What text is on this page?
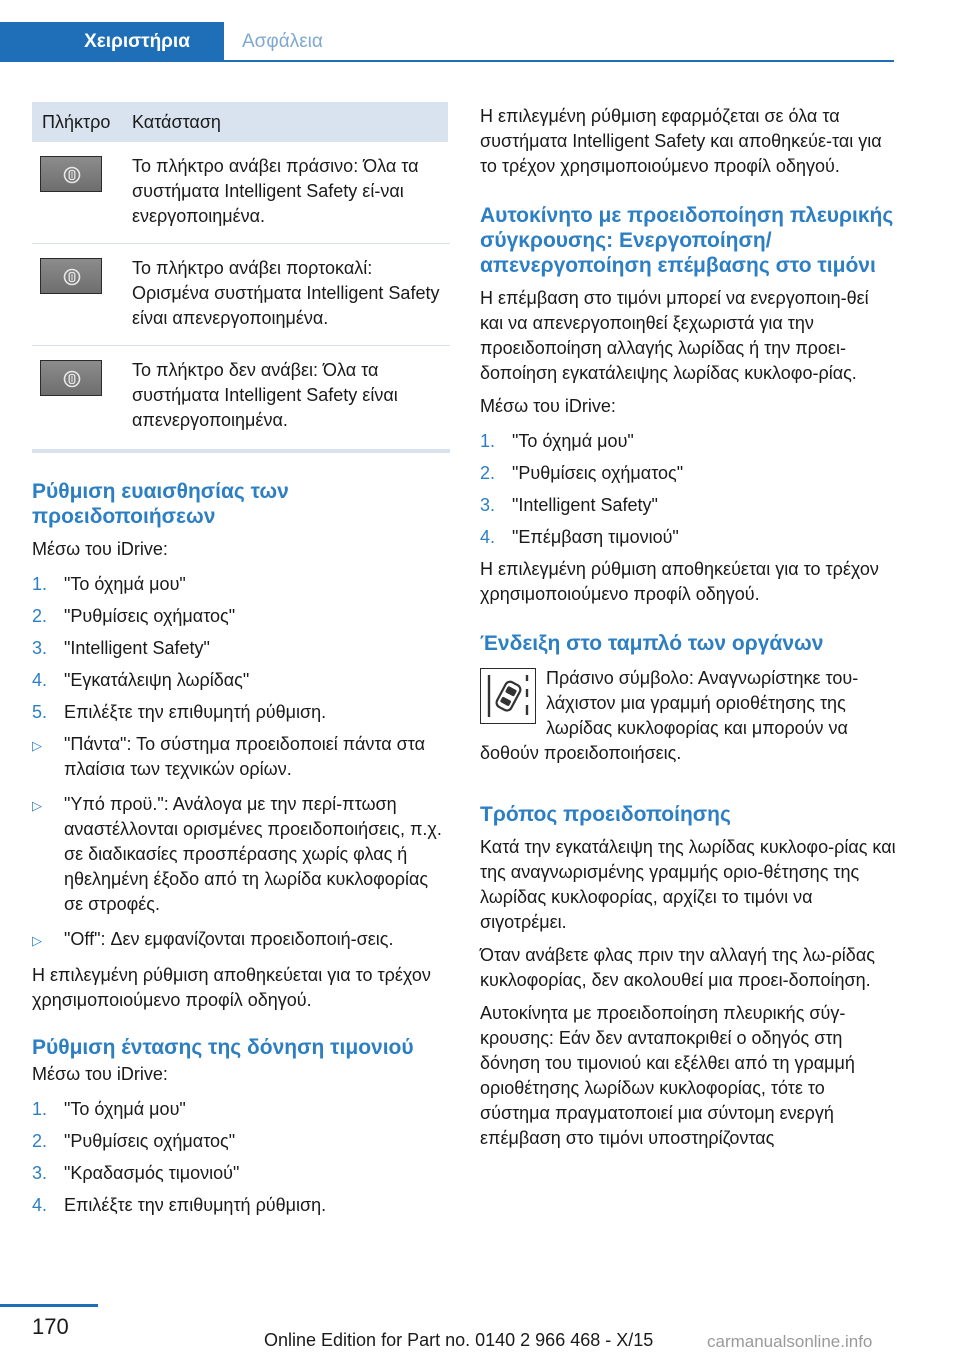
Χειριστήρια	Ασφάλεια
Πλήκτρο	Κατάσταση
Το πλήκτρο ανάβει πράσινο: Όλα τα συστήματα Intelligent Safety εί-ναι ενεργοποιημένα.
Το πλήκτρο ανάβει πορτοκαλί: Ορισμένα συστήματα Intelligent Safety είναι απενεργοποιημένα.
Το πλήκτρο δεν ανάβει: Όλα τα συστήματα Intelligent Safety είναι απενεργοποιημένα.
Ρύθμιση ευαισθησίας των προειδοποιήσεων

Μέσω του iDrive:

1. "Το όχημά μου"
2. "Ρυθμίσεις οχήματος"
3. "Intelligent Safety"
4. "Εγκατάλειψη λωρίδας"
5. Επιλέξτε την επιθυμητή ρύθμιση.
▷	"Πάντα": Το σύστημα προειδοποιεί πάντα στα πλαίσια των τεχνικών ορίων.
▷	"Υπό προϋ.": Ανάλογα με την περί-πτωση αναστέλλονται ορισμένες προειδοποιήσεις, π.χ. σε διαδικασίες προσπέρασης χωρίς φλας ή ηθελημένη έξοδο από τη λωρίδα κυκλοφορίας σε στροφές.
▷	"Off": Δεν εμφανίζονται προειδοποιή-σεις.

Η επιλεγμένη ρύθμιση αποθηκεύεται για το τρέχον χρησιμοποιούμενο προφίλ οδηγού.

Ρύθμιση έντασης της δόνηση τιμονιού

Μέσω του iDrive:

1. "Το όχημά μου"
2. "Ρυθμίσεις οχήματος"
3. "Κραδασμός τιμονιού"
4. Επιλέξτε την επιθυμητή ρύθμιση.

Η επιλεγμένη ρύθμιση εφαρμόζεται σε όλα τα συστήματα Intelligent Safety και αποθηκεύε-ται για το τρέχον χρησιμοποιούμενο προφίλ οδηγού.

Αυτοκίνητο με προειδοποίηση πλευρικής σύγκρουσης: Ενεργοποίηση/απενεργοποίηση επέμβασης στο τιμόνι

Η επέμβαση στο τιμόνι μπορεί να ενεργοποιη-θεί και να απενεργοποιηθεί ξεχωριστά για την προειδοποίηση αλλαγής λωρίδας ή την προει-δοποίηση εγκατάλειψης λωρίδας κυκλοφο-ρίας.

Μέσω του iDrive:

1. "Το όχημά μου"
2. "Ρυθμίσεις οχήματος"
3. "Intelligent Safety"
4. "Επέμβαση τιμονιού"

Η επιλεγμένη ρύθμιση αποθηκεύεται για το τρέχον χρησιμοποιούμενο προφίλ οδηγού.

Ένδειξη στο ταμπλό των οργάνων

Πράσινο σύμβολο: Αναγνωρίστηκε του-λάχιστον μια γραμμή οριοθέτησης της λωρίδας κυκλοφορίας και μπορούν να δοθούν προειδοποιήσεις.

Τρόπος προειδοποίησης

Κατά την εγκατάλειψη της λωρίδας κυκλοφο-ρίας και της αναγνωρισμένης γραμμής οριο-θέτησης της λωρίδας κυκλοφορίας, αρχίζει το τιμόνι να σιγοτρέμει.

Όταν ανάβετε φλας πριν την αλλαγή της λω-ρίδας κυκλοφορίας, δεν ακολουθεί μια προει-δοποίηση.

Αυτοκίνητα με προειδοποίηση πλευρικής σύγ-κρουσης: Εάν δεν ανταποκριθεί ο οδηγός στη δόνηση του τιμονιού και εξέλθει από τη γραμμή οριοθέτησης λωρίδων κυκλοφορίας, τότε το σύστημα πραγματοποιεί μια σύντομη ενεργή επέμβαση στο τιμόνι υποστηρίζοντας

170
Online Edition for Part no. 0140 2 966 468 - X/15	carmanualsonline.info
